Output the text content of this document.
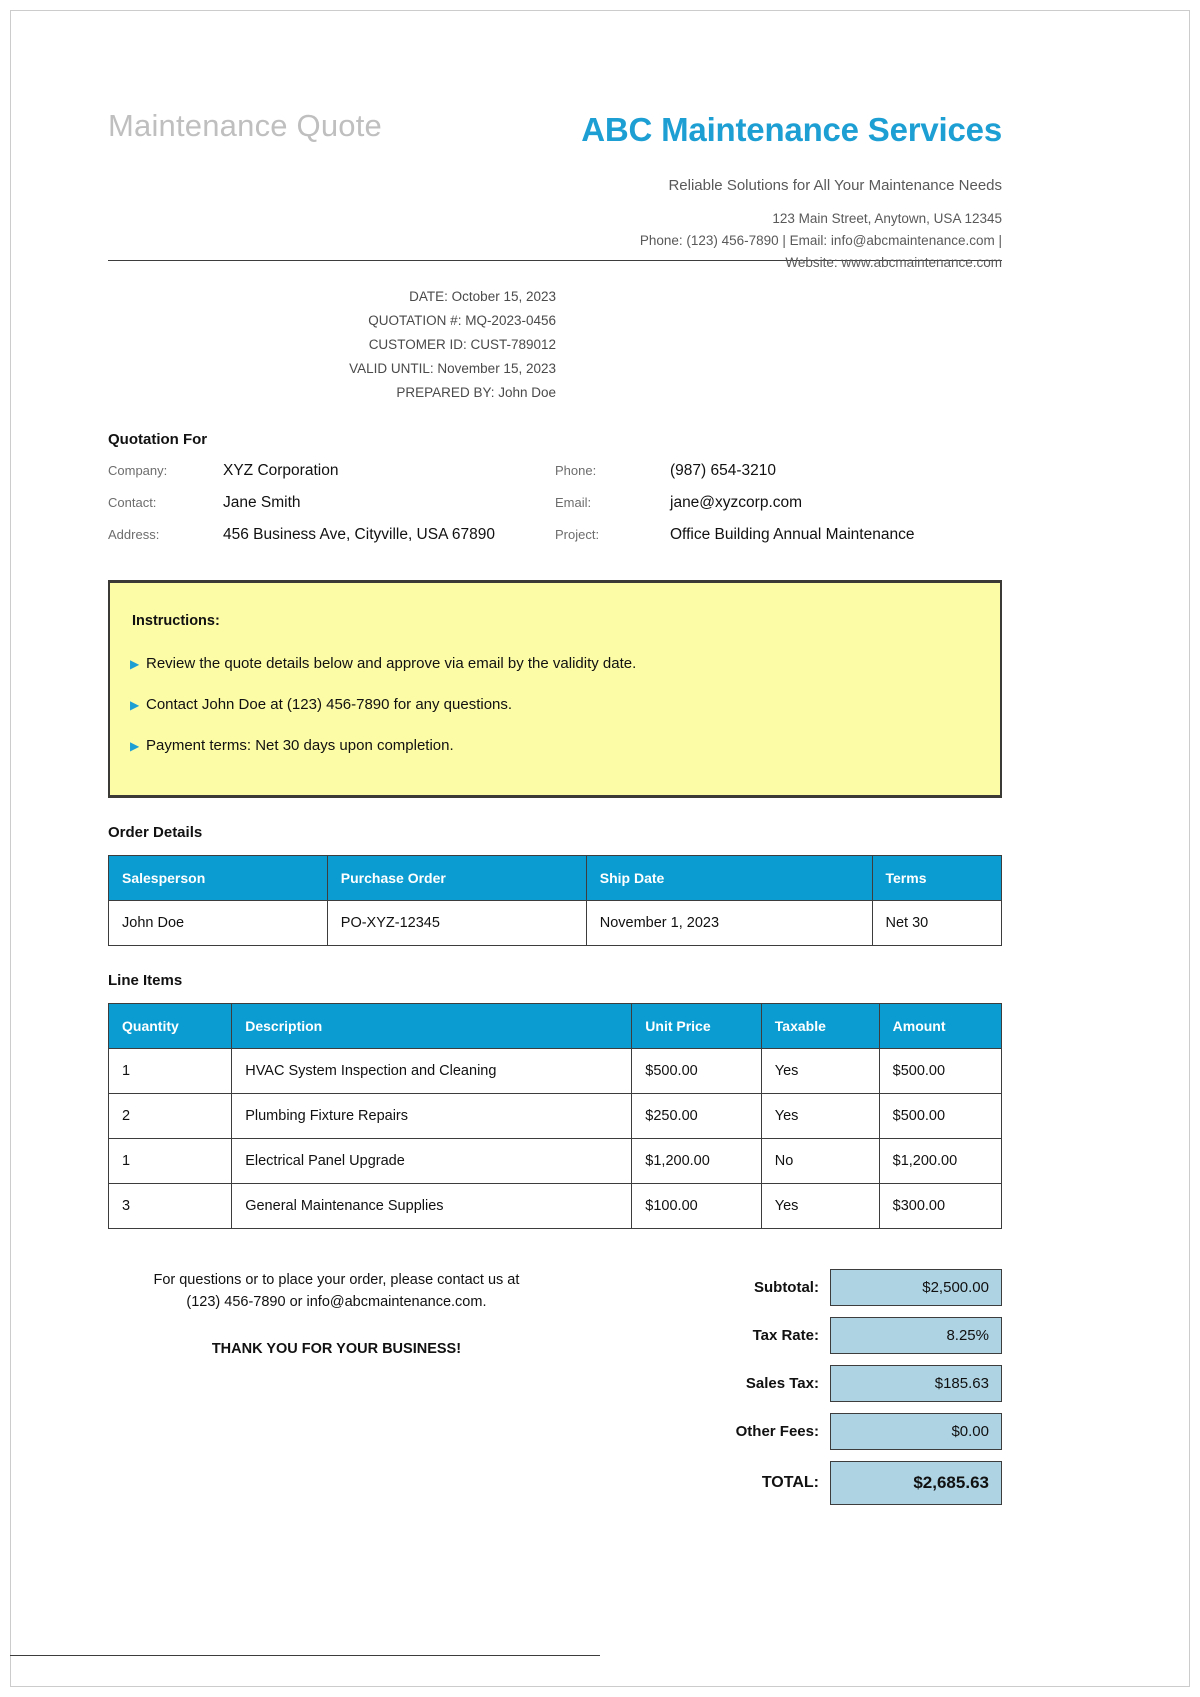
Maintenance Quote	ABC Maintenance Services
Reliable Solutions for All Your Maintenance Needs
123 Main Street, Anytown, USA 12345
Phone: (123) 456-7890 | Email: info@abcmaintenance.com |
Website: www.abcmaintenance.com
DATE: October 15, 2023
QUOTATION #: MQ-2023-0456
CUSTOMER ID: CUST-789012
VALID UNTIL: November 15, 2023
PREPARED BY: John Doe
Quotation For
Company:	XYZ Corporation
Contact:	Jane Smith
Address:	456 Business Ave, Cityville, USA 67890
Phone:	(987) 654-3210
Email:	jane@xyzcorp.com
Project:	Office Building Annual Maintenance
Instructions:
▶ Review the quote details below and approve via email by the validity date.
▶ Contact John Doe at (123) 456-7890 for any questions.
▶ Payment terms: Net 30 days upon completion.
Order Details
Salesperson	Purchase Order	Ship Date	Terms
John Doe	PO-XYZ-12345	November 1, 2023	Net 30
Line Items
Quantity	Description	Unit Price	Taxable	Amount
1	HVAC System Inspection and Cleaning	$500.00	Yes	$500.00
2	Plumbing Fixture Repairs	$250.00	Yes	$500.00
1	Electrical Panel Upgrade	$1,200.00	No	$1,200.00
3	General Maintenance Supplies	$100.00	Yes	$300.00
For questions or to place your order, please contact us at (123) 456-7890 or info@abcmaintenance.com.
THANK YOU FOR YOUR BUSINESS!
Subtotal:	$2,500.00
Tax Rate:	8.25%
Sales Tax:	$185.63
Other Fees:	$0.00
TOTAL:	$2,685.63
